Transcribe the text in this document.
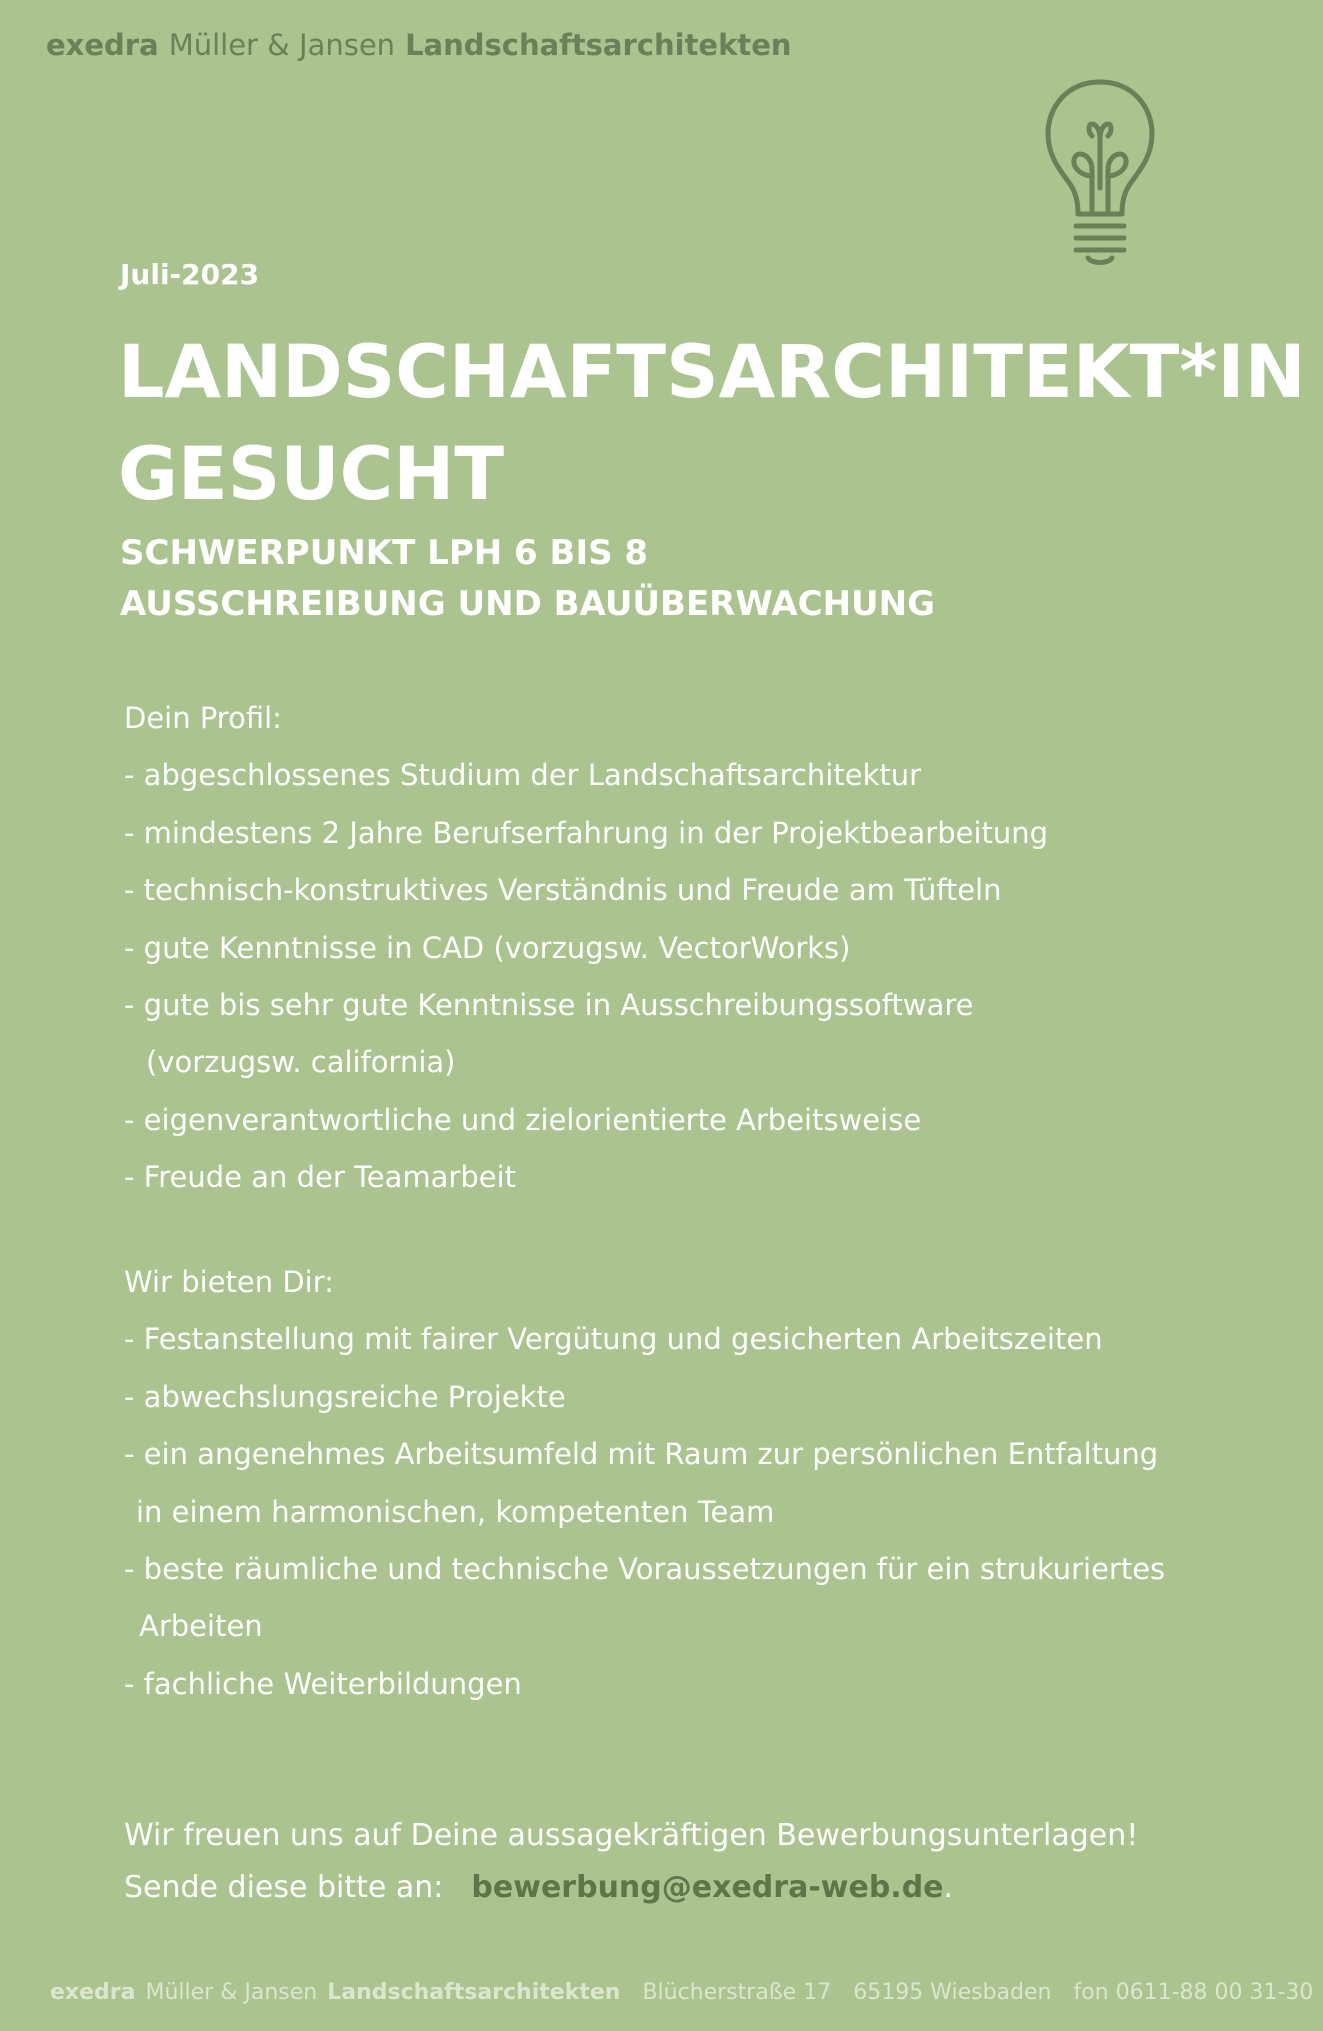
exedra Müller & Jansen Landschaftsarchitekten
Juli-2023
LANDSCHAFTSARCHITEKT*IN
GESUCHT
SCHWERPUNKT LPH 6 BIS 8
AUSSCHREIBUNG UND BAUÜBERWACHUNG
Dein Profil:
- abgeschlossenes Studium der Landschaftsarchitektur
- mindestens 2 Jahre Berufserfahrung in der Projektbearbeitung
- technisch-konstruktives Verständnis und Freude am Tüfteln
- gute Kenntnisse in CAD (vorzugsw. VectorWorks)
- gute bis sehr gute Kenntnisse in Ausschreibungssoftware
(vorzugsw. california)
- eigenverantwortliche und zielorientierte Arbeitsweise
- Freude an der Teamarbeit
Wir bieten Dir:
- Festanstellung mit fairer Vergütung und gesicherten Arbeitszeiten
- abwechslungsreiche Projekte
- ein angenehmes Arbeitsumfeld mit Raum zur persönlichen Entfaltung
in einem harmonischen, kompetenten Team
- beste räumliche und technische Voraussetzungen für ein strukuriertes
Arbeiten
- fachliche Weiterbildungen
Wir freuen uns auf Deine aussagekräftigen Bewerbungsunterlagen!
Sende diese bitte an: bewerbung@exedra-web.de.
exedra Müller & Jansen Landschaftsarchitekten Blücherstraße 17 65195 Wiesbaden fon 0611-88 00 31-30
